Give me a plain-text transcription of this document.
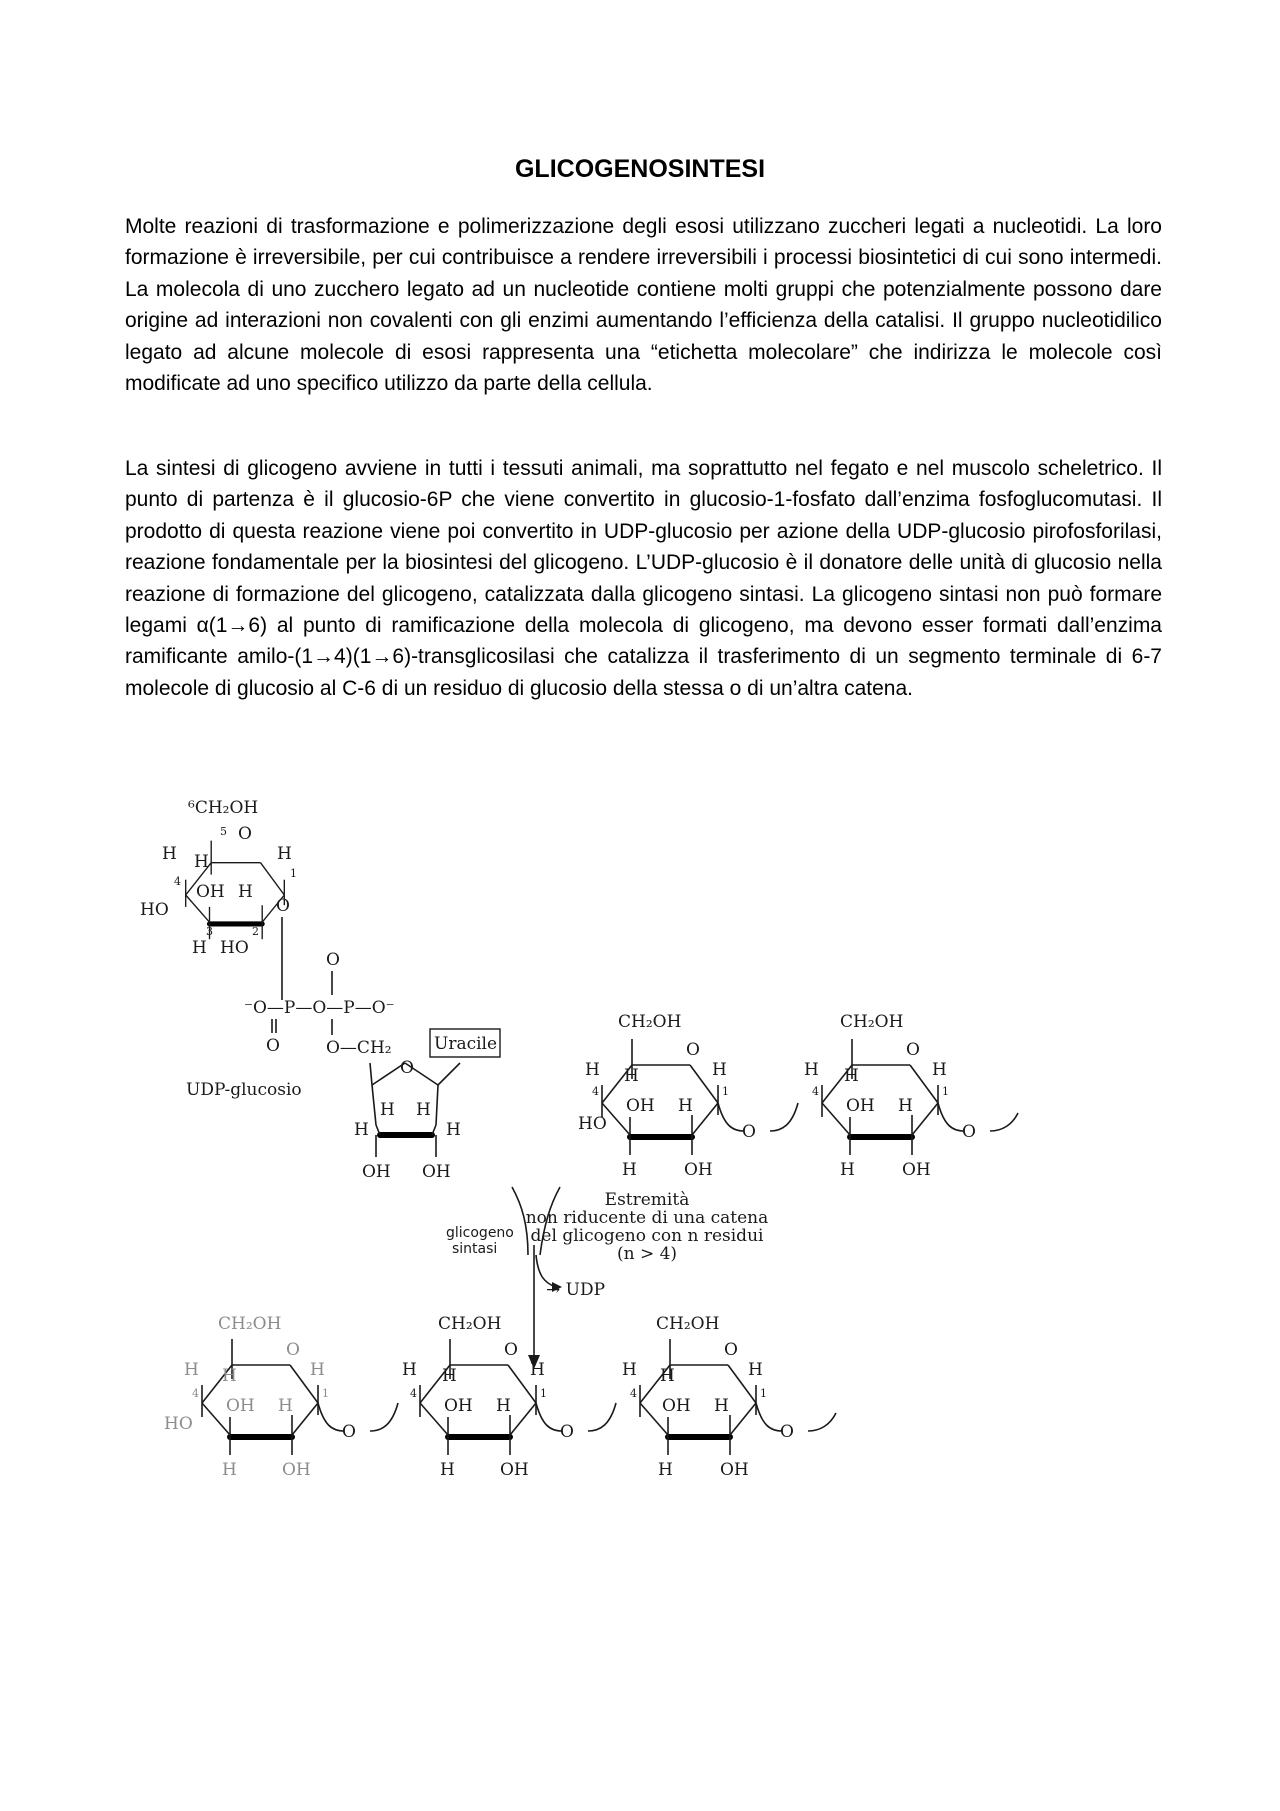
GLICOGENOSINTESI

Molte reazioni di trasformazione e polimerizzazione degli esosi utilizzano zuccheri legati a nucleotidi. La loro formazione è irreversibile, per cui contribuisce a rendere irreversibili i processi biosintetici di cui sono intermedi. La molecola di uno zucchero legato ad un nucleotide contiene molti gruppi che potenzialmente possono dare origine ad interazioni non covalenti con gli enzimi aumentando l’efficienza della catalisi. Il gruppo nucleotidilico legato ad alcune molecole di esosi rappresenta una “etichetta molecolare” che indirizza le molecole così modificate ad uno specifico utilizzo da parte della cellula.

La sintesi di glicogeno avviene in tutti i tessuti animali, ma soprattutto nel fegato e nel muscolo scheletrico. Il punto di partenza è il glucosio-6P che viene convertito in glucosio-1-fosfato dall’enzima fosfoglucomutasi. Il prodotto di questa reazione viene poi convertito in UDP-glucosio per azione della UDP-glucosio pirofosforilasi, reazione fondamentale per la biosintesi del glicogeno. L’UDP-glucosio è il donatore delle unità di glucosio nella reazione di formazione del glicogeno, catalizzata dalla glicogeno sintasi. La glicogeno sintasi non può formare legami α(1→6) al punto di ramificazione della molecola di glicogeno, ma devono esser formati dall’enzima ramificante amilo-(1→4)(1→6)-transglicosilasi che catalizza il trasferimento di un segmento terminale di 6-7 molecole di glucosio al C-6 di un residuo di glucosio della stessa o di un’altra catena.

⁶CH₂OH
O
H H	H
OH H
HO	O
H HO
4
3	2
1
5
⁻O—P—O—P—O⁻
O
O	O—CH₂
UDP-glucosio
O
Uracile
H H
H	H
OH OH
CH₂OH	CH₂OH
O	O
H H	H	H H	H
OH H	OH H
HO	O	O
H	OH	H	OH
4	1	4	1
Estremità
non riducente di una catena
del glicogeno con n residui
(n > 4)
glicogeno
sintasi
→ UDP
CH₂OH
O
H H	H
OH H
HO
H	OH
4	1
O
CH₂OH	CH₂OH
O	O
H H	H	H H	H
OH H	OH H
O	O
H	OH	H	OH
4	1	4	1
